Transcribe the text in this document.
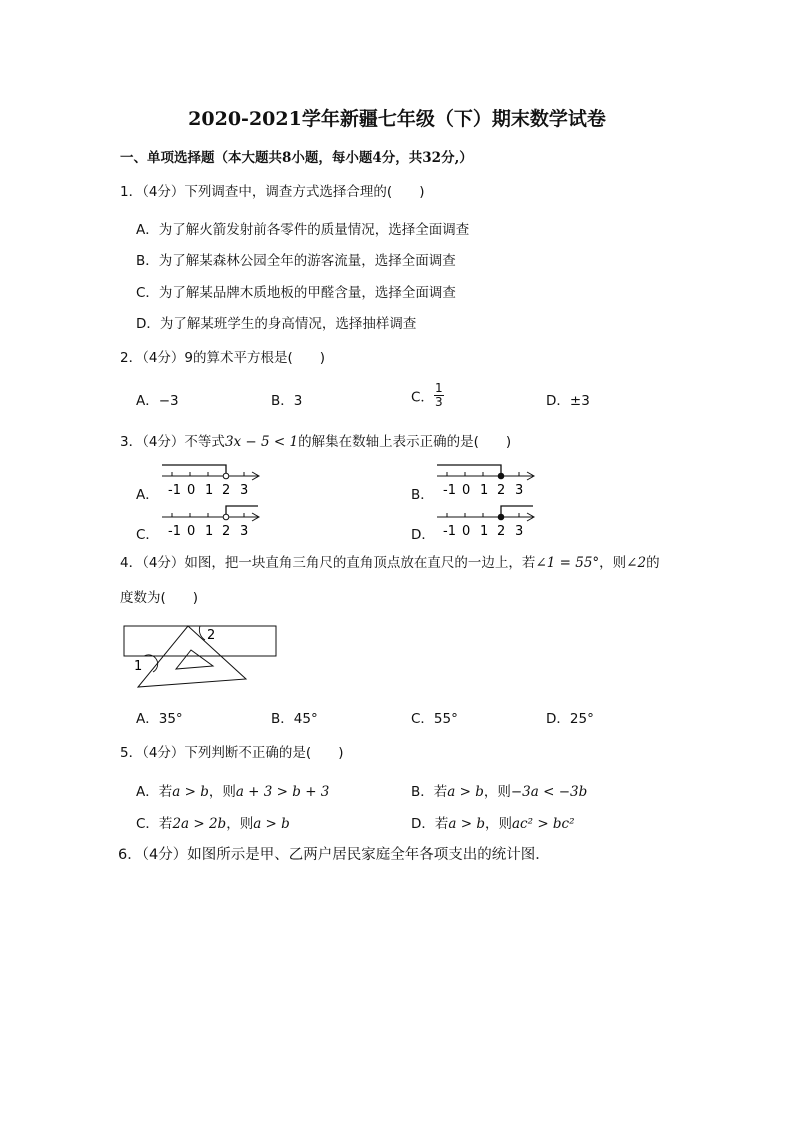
2020-2021学年新疆七年级（下）期末数学试卷
一、单项选择题（本大题共8小题，每小题4分，共32分,）
1．（4分）下列调查中，调查方式选择合理的(　　)
A．为了解火箭发射前各零件的质量情况，选择全面调查
B．为了解某森林公园全年的游客流量，选择全面调查
C．为了解某品牌木质地板的甲醛含量，选择全面调查
D．为了解某班学生的身高情况，选择抽样调查
2．（4分）9的算术平方根是(　　)
A．−3	B．3	C． $\frac{1}{3}$	D．±3
3．（4分）不等式3x − 5 < 1的解集在数轴上表示正确的是(　　)
A． -1 0 1 2 3	B． -1 0 1 2 3
C． -1 0 1 2 3	D． -1 0 1 2 3
4．（4分）如图，把一块直角三角尺的直角顶点放在直尺的一边上，若∠1 = 55°，则∠2的
度数为(　　)
2
1
A．35°	B．45°	C．55°	D．25°
5．（4分）下列判断不正确的是(　　)
A．若a > b，则a + 3 > b + 3	B．若a > b，则−3a < −3b
C．若2a > 2b，则a > b	D．若a > b，则ac² > bc²
6．（4分）如图所示是甲、乙两户居民家庭全年各项支出的统计图．
